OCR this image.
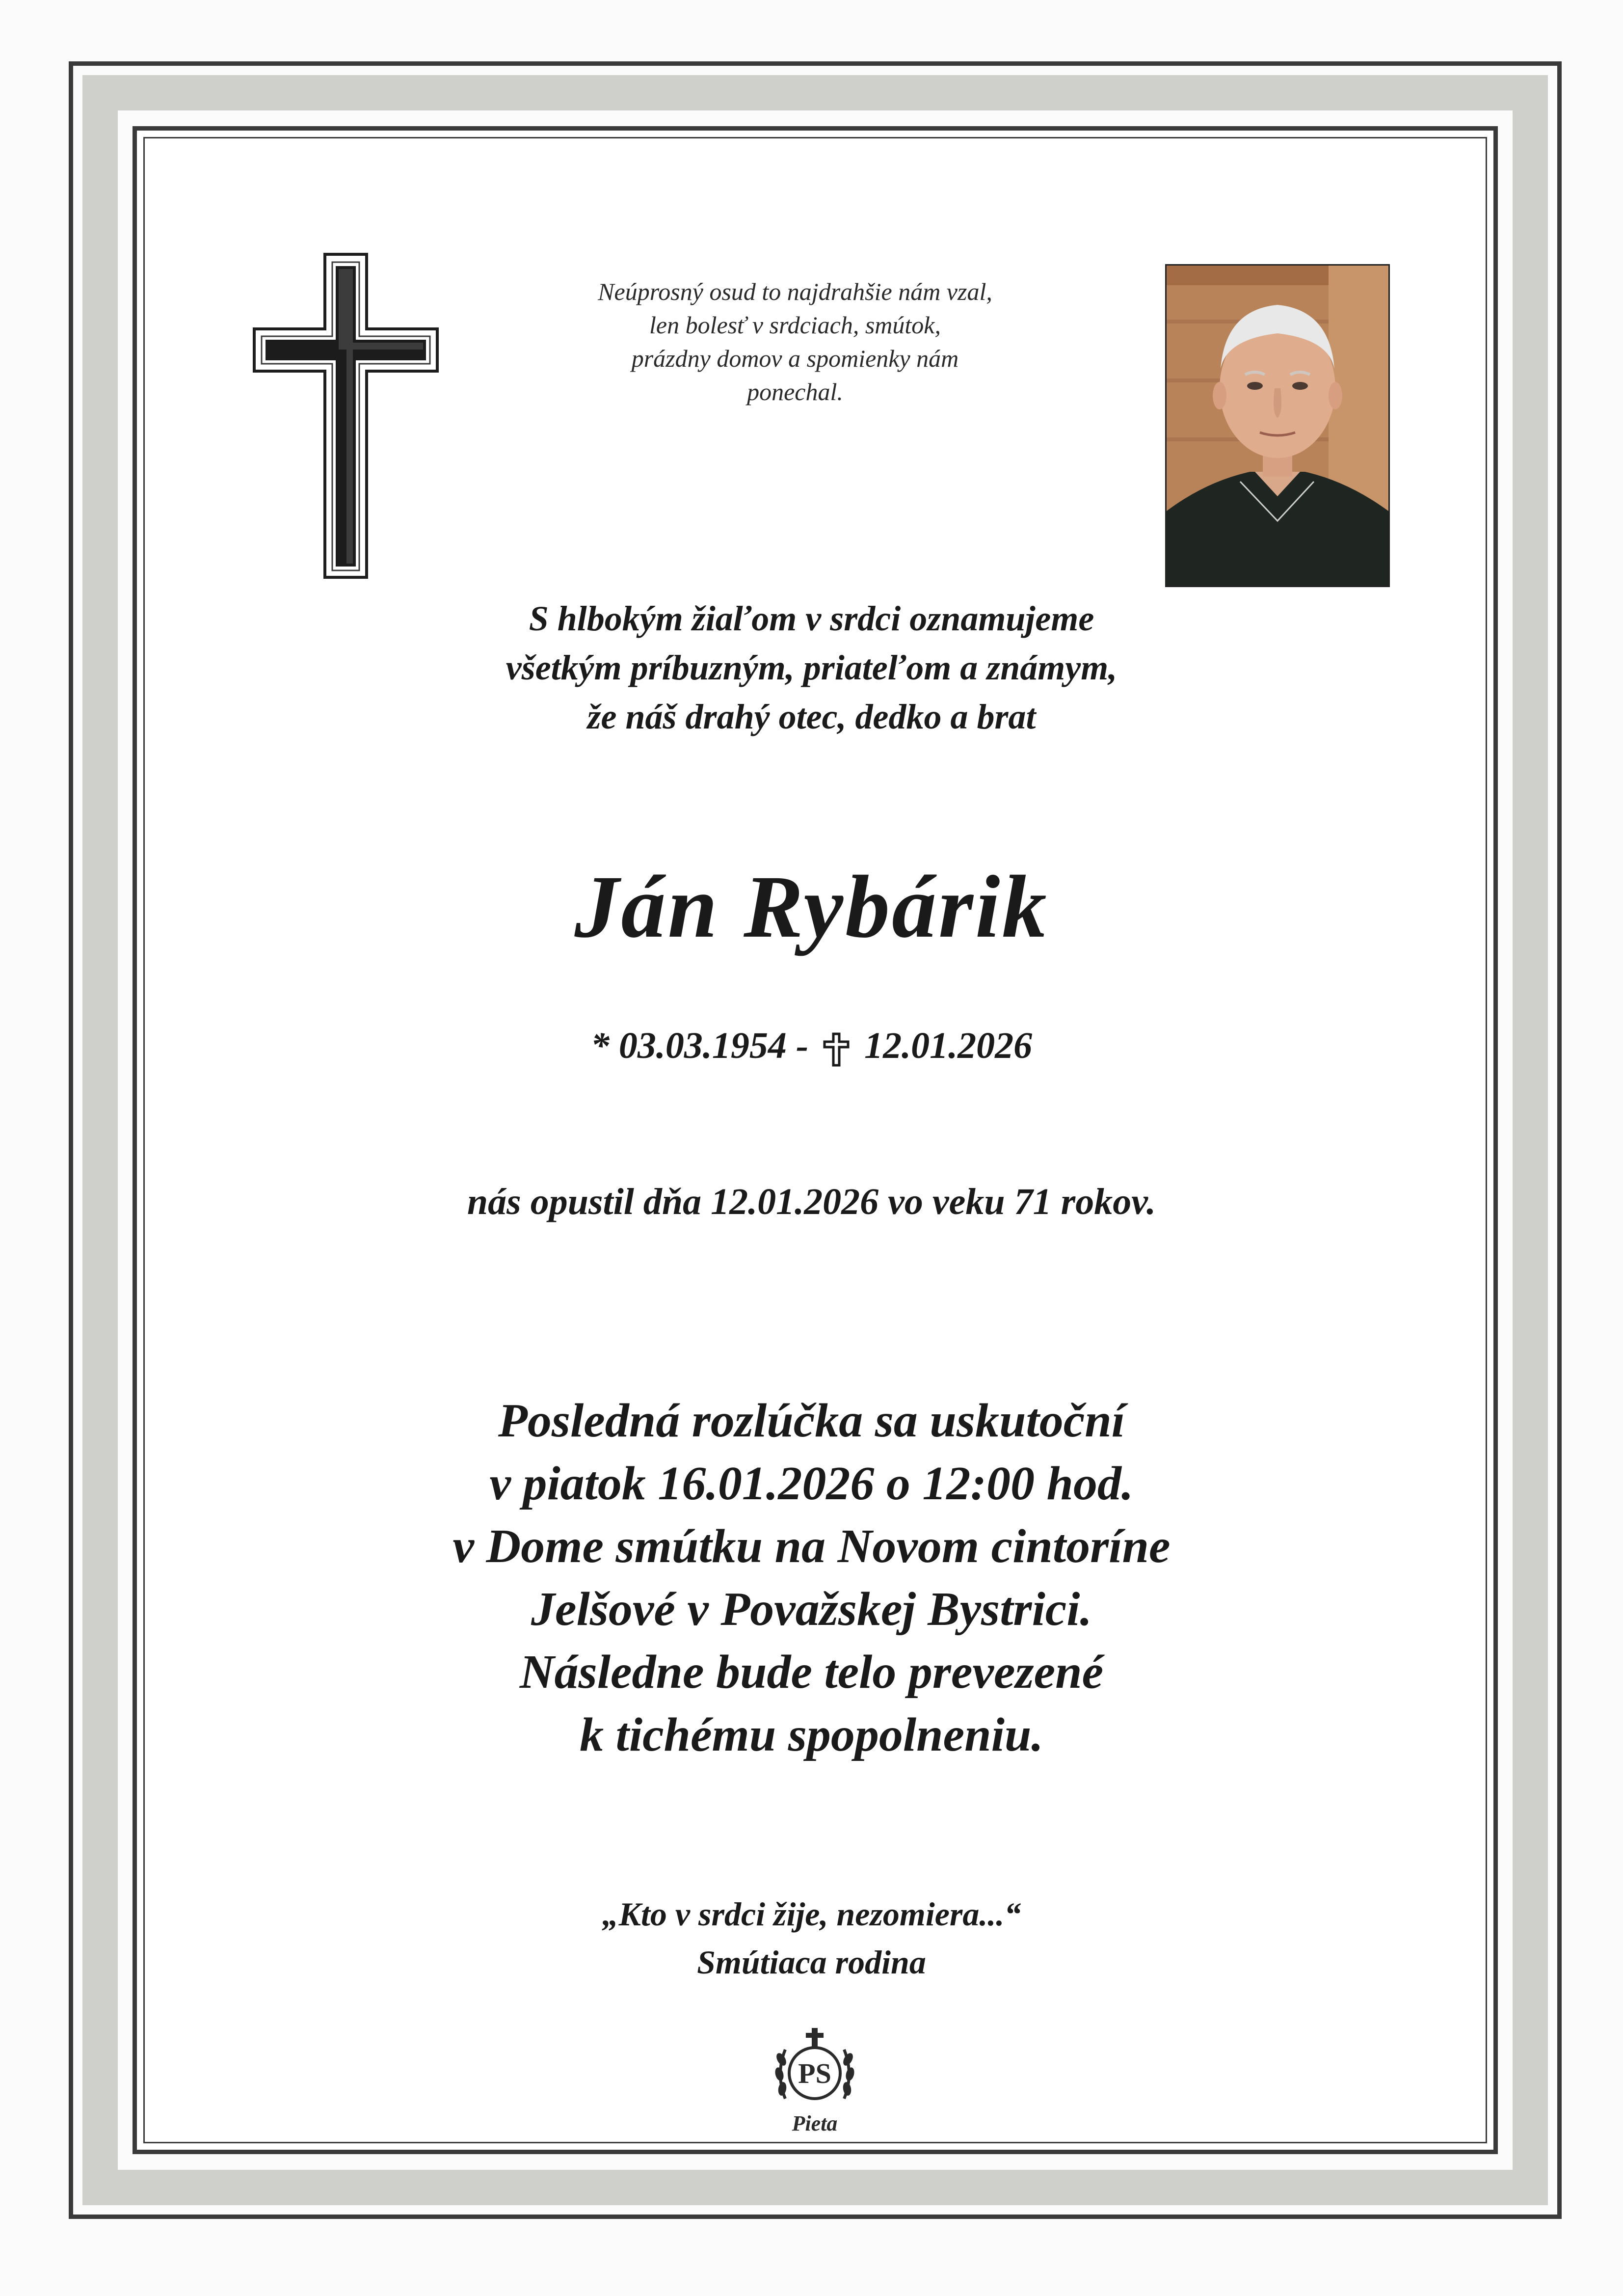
Neúprosný osud to najdrahšie nám vzal,
len bolesť v srdciach, smútok,
prázdny domov a spomienky nám
ponechal.
S hlbokým žiaľom v srdci oznamujeme
všetkým príbuzným, priateľom a známym,
že náš drahý otec, dedko a brat
Ján Rybárik
* 03.03.1954 - 12.01.2026
nás opustil dňa 12.01.2026 vo veku 71 rokov.
Posledná rozlúčka sa uskutoční
v piatok 16.01.2026 o 12:00 hod.
v Dome smútku na Novom cintoríne
Jelšové v Považskej Bystrici.
Následne bude telo prevezené
k tichému spopolneniu.
„Kto v srdci žije, nezomiera...“
Smútiaca rodina
PS
Pieta
